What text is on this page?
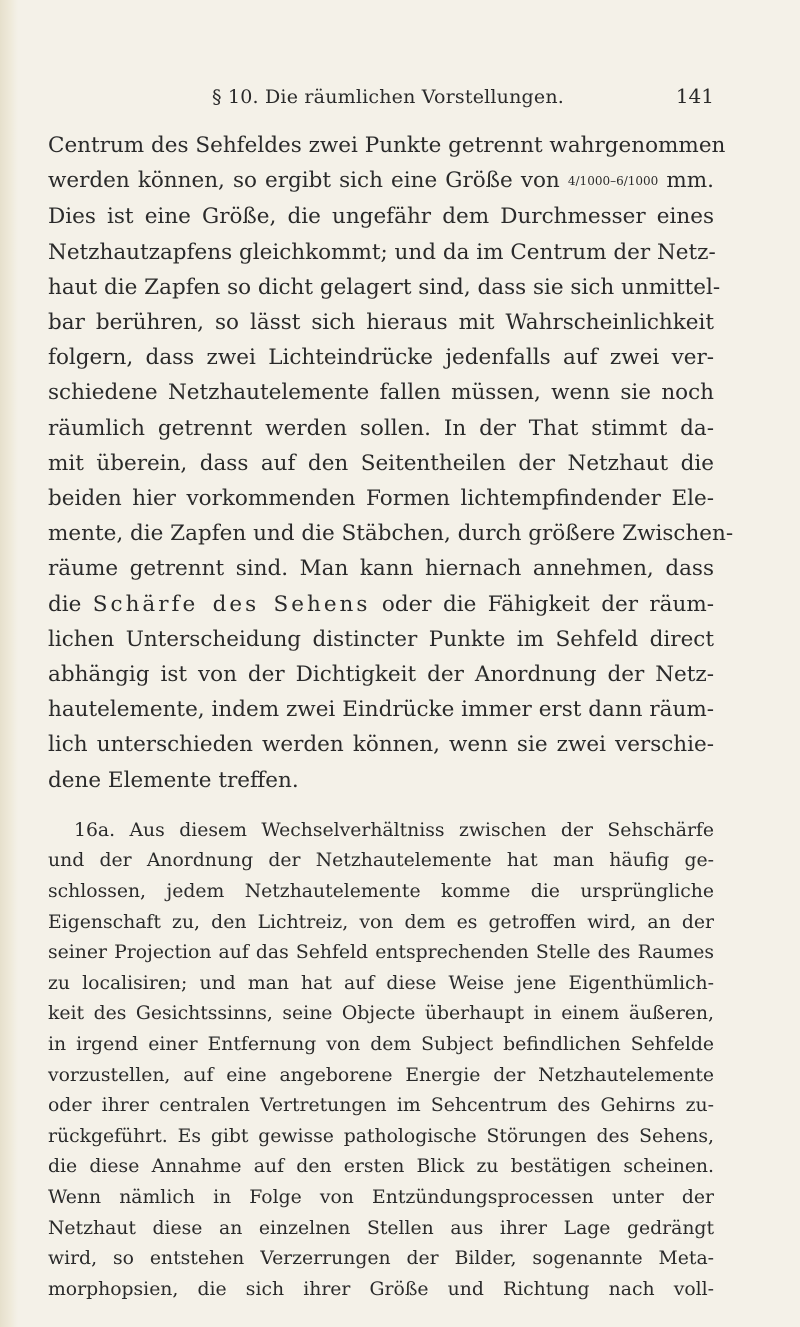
§ 10. Die räumlichen Vorstellungen.	141
Centrum des Sehfeldes zwei Punkte getrennt wahrgenommen
werden können, so ergibt sich eine Größe von 4/1000–6/1000 mm.
Dies ist eine Größe, die ungefähr dem Durchmesser eines
Netzhautzapfens gleichkommt; und da im Centrum der Netz-
haut die Zapfen so dicht gelagert sind, dass sie sich unmittel-
bar berühren, so lässt sich hieraus mit Wahrscheinlichkeit
folgern, dass zwei Lichteindrücke jedenfalls auf zwei ver-
schiedene Netzhautelemente fallen müssen, wenn sie noch
räumlich getrennt werden sollen. In der That stimmt da-
mit überein, dass auf den Seitentheilen der Netzhaut die
beiden hier vorkommenden Formen lichtempfindender Ele-
mente, die Zapfen und die Stäbchen, durch größere Zwischen-
räume getrennt sind. Man kann hiernach annehmen, dass
die Schärfe des Sehens oder die Fähigkeit der räum-
lichen Unterscheidung distincter Punkte im Sehfeld direct
abhängig ist von der Dichtigkeit der Anordnung der Netz-
hautelemente, indem zwei Eindrücke immer erst dann räum-
lich unterschieden werden können, wenn sie zwei verschie-
dene Elemente treffen.
16a. Aus diesem Wechselverhältniss zwischen der Sehschärfe
und der Anordnung der Netzhautelemente hat man häufig ge-
schlossen, jedem Netzhautelemente komme die ursprüngliche
Eigenschaft zu, den Lichtreiz, von dem es getroffen wird, an der
seiner Projection auf das Sehfeld entsprechenden Stelle des Raumes
zu localisiren; und man hat auf diese Weise jene Eigenthümlich-
keit des Gesichtssinns, seine Objecte überhaupt in einem äußeren,
in irgend einer Entfernung von dem Subject befindlichen Sehfelde
vorzustellen, auf eine angeborene Energie der Netzhautelemente
oder ihrer centralen Vertretungen im Sehcentrum des Gehirns zu-
rückgeführt. Es gibt gewisse pathologische Störungen des Sehens,
die diese Annahme auf den ersten Blick zu bestätigen scheinen.
Wenn nämlich in Folge von Entzündungsprocessen unter der
Netzhaut diese an einzelnen Stellen aus ihrer Lage gedrängt
wird, so entstehen Verzerrungen der Bilder, sogenannte Meta-
morphopsien, die sich ihrer Größe und Richtung nach voll-
